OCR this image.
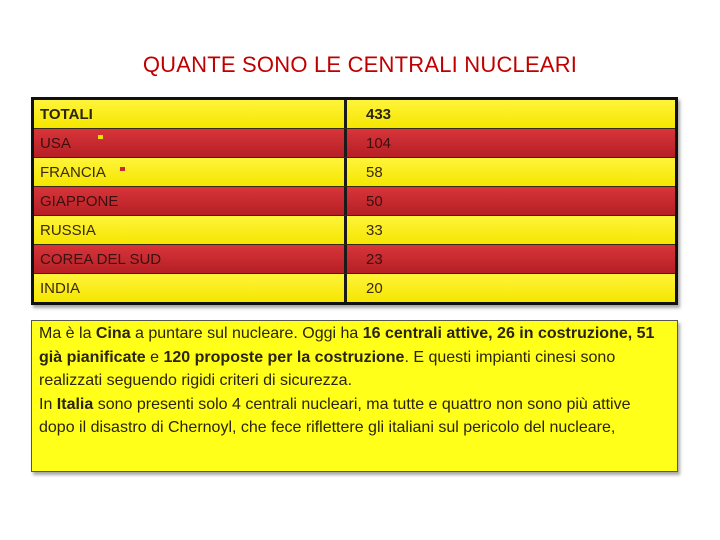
QUANTE SONO LE CENTRALI NUCLEARI
TOTALI	433
USA	104
FRANCIA	58
GIAPPONE	50
RUSSIA	33
COREA DEL SUD	23
INDIA	20

Ma è la Cina a puntare sul nucleare. Oggi ha 16 centrali attive, 26 in costruzione, 51 già pianificate e 120 proposte per la costruzione. E questi impianti cinesi sono realizzati seguendo rigidi criteri di sicurezza.

In Italia sono presenti solo 4 centrali nucleari, ma tutte e quattro non sono più attive dopo il disastro di Chernoyl, che fece riflettere gli italiani sul pericolo del nucleare,
